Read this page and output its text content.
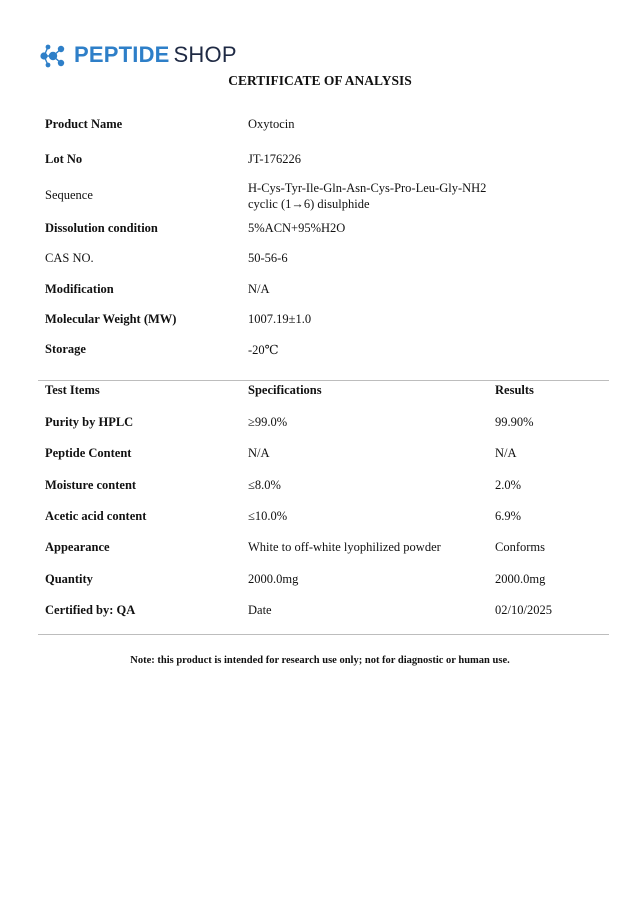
PEPTIDE SHOP
CERTIFICATE OF ANALYSIS
Product Name	Oxytocin
Lot No	JT-176226
Sequence	H-Cys-Tyr-Ile-Gln-Asn-Cys-Pro-Leu-Gly-NH2
cyclic (1→6) disulphide
Dissolution condition	5%ACN+95%H2O
CAS NO.	50-56-6
Modification	N/A
Molecular Weight (MW)	1007.19±1.0
Storage	-20℃
Test Items	Specifications	Results
Purity by HPLC	≥99.0%	99.90%
Peptide Content	N/A	N/A
Moisture content	≤8.0%	2.0%
Acetic acid content	≤10.0%	6.9%
Appearance	White to off-white lyophilized powder	Conforms
Quantity	2000.0mg	2000.0mg
Certified by: QA	Date	02/10/2025
Note: this product is intended for research use only; not for diagnostic or human use.
